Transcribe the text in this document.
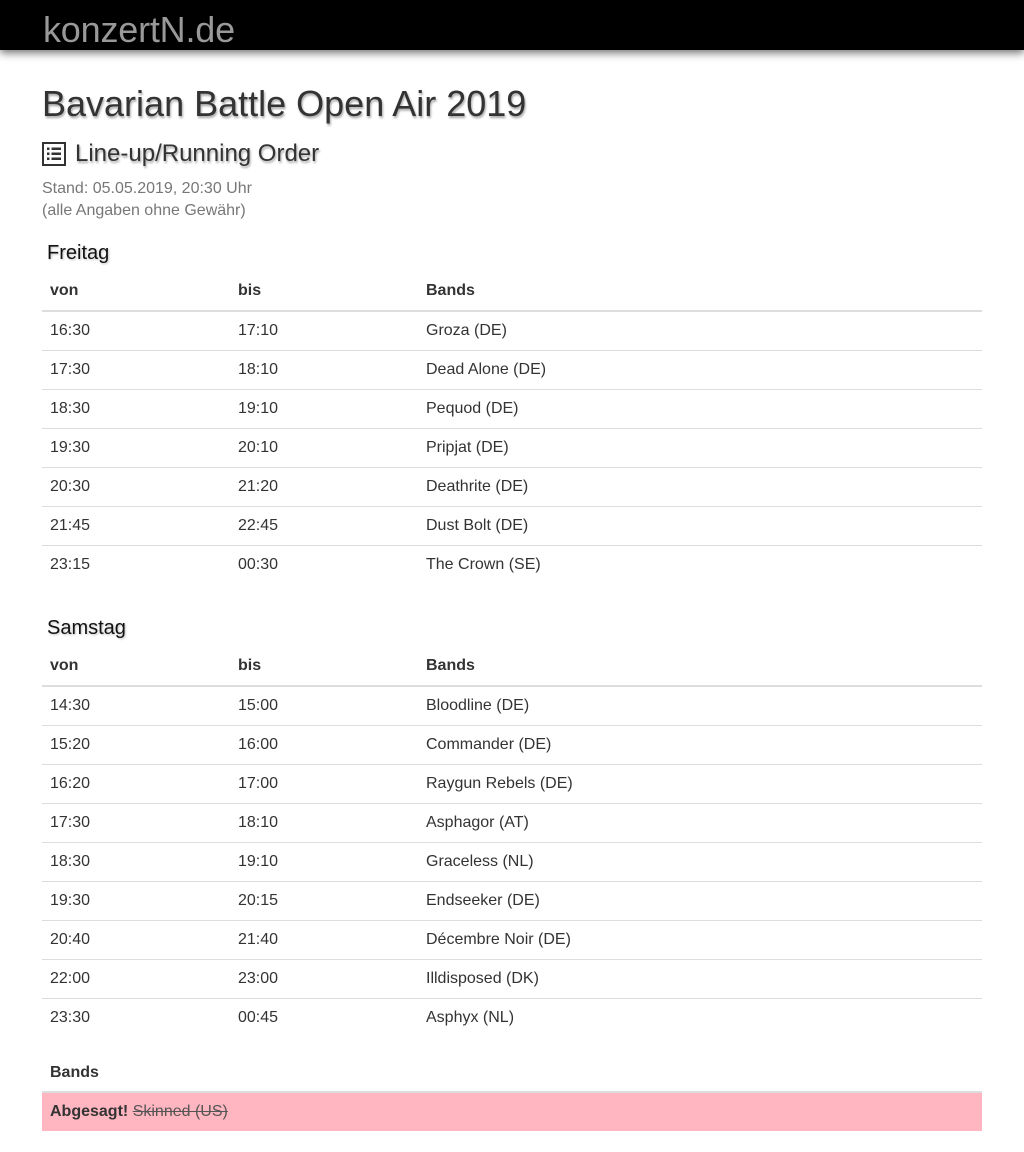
konzertN.de
Bavarian Battle Open Air 2019
Line-up/Running Order
Stand: 05.05.2019, 20:30 Uhr
(alle Angaben ohne Gewähr)
Freitag
von	bis	Bands
16:30	17:10	Groza (DE)
17:30	18:10	Dead Alone (DE)
18:30	19:10	Pequod (DE)
19:30	20:10	Pripjat (DE)
20:30	21:20	Deathrite (DE)
21:45	22:45	Dust Bolt (DE)
23:15	00:30	The Crown (SE)
Samstag
von	bis	Bands
14:30	15:00	Bloodline (DE)
15:20	16:00	Commander (DE)
16:20	17:00	Raygun Rebels (DE)
17:30	18:10	Asphagor (AT)
18:30	19:10	Graceless (NL)
19:30	20:15	Endseeker (DE)
20:40	21:40	Décembre Noir (DE)
22:00	23:00	Illdisposed (DK)
23:30	00:45	Asphyx (NL)
Bands
Abgesagt! Skinned (US)
